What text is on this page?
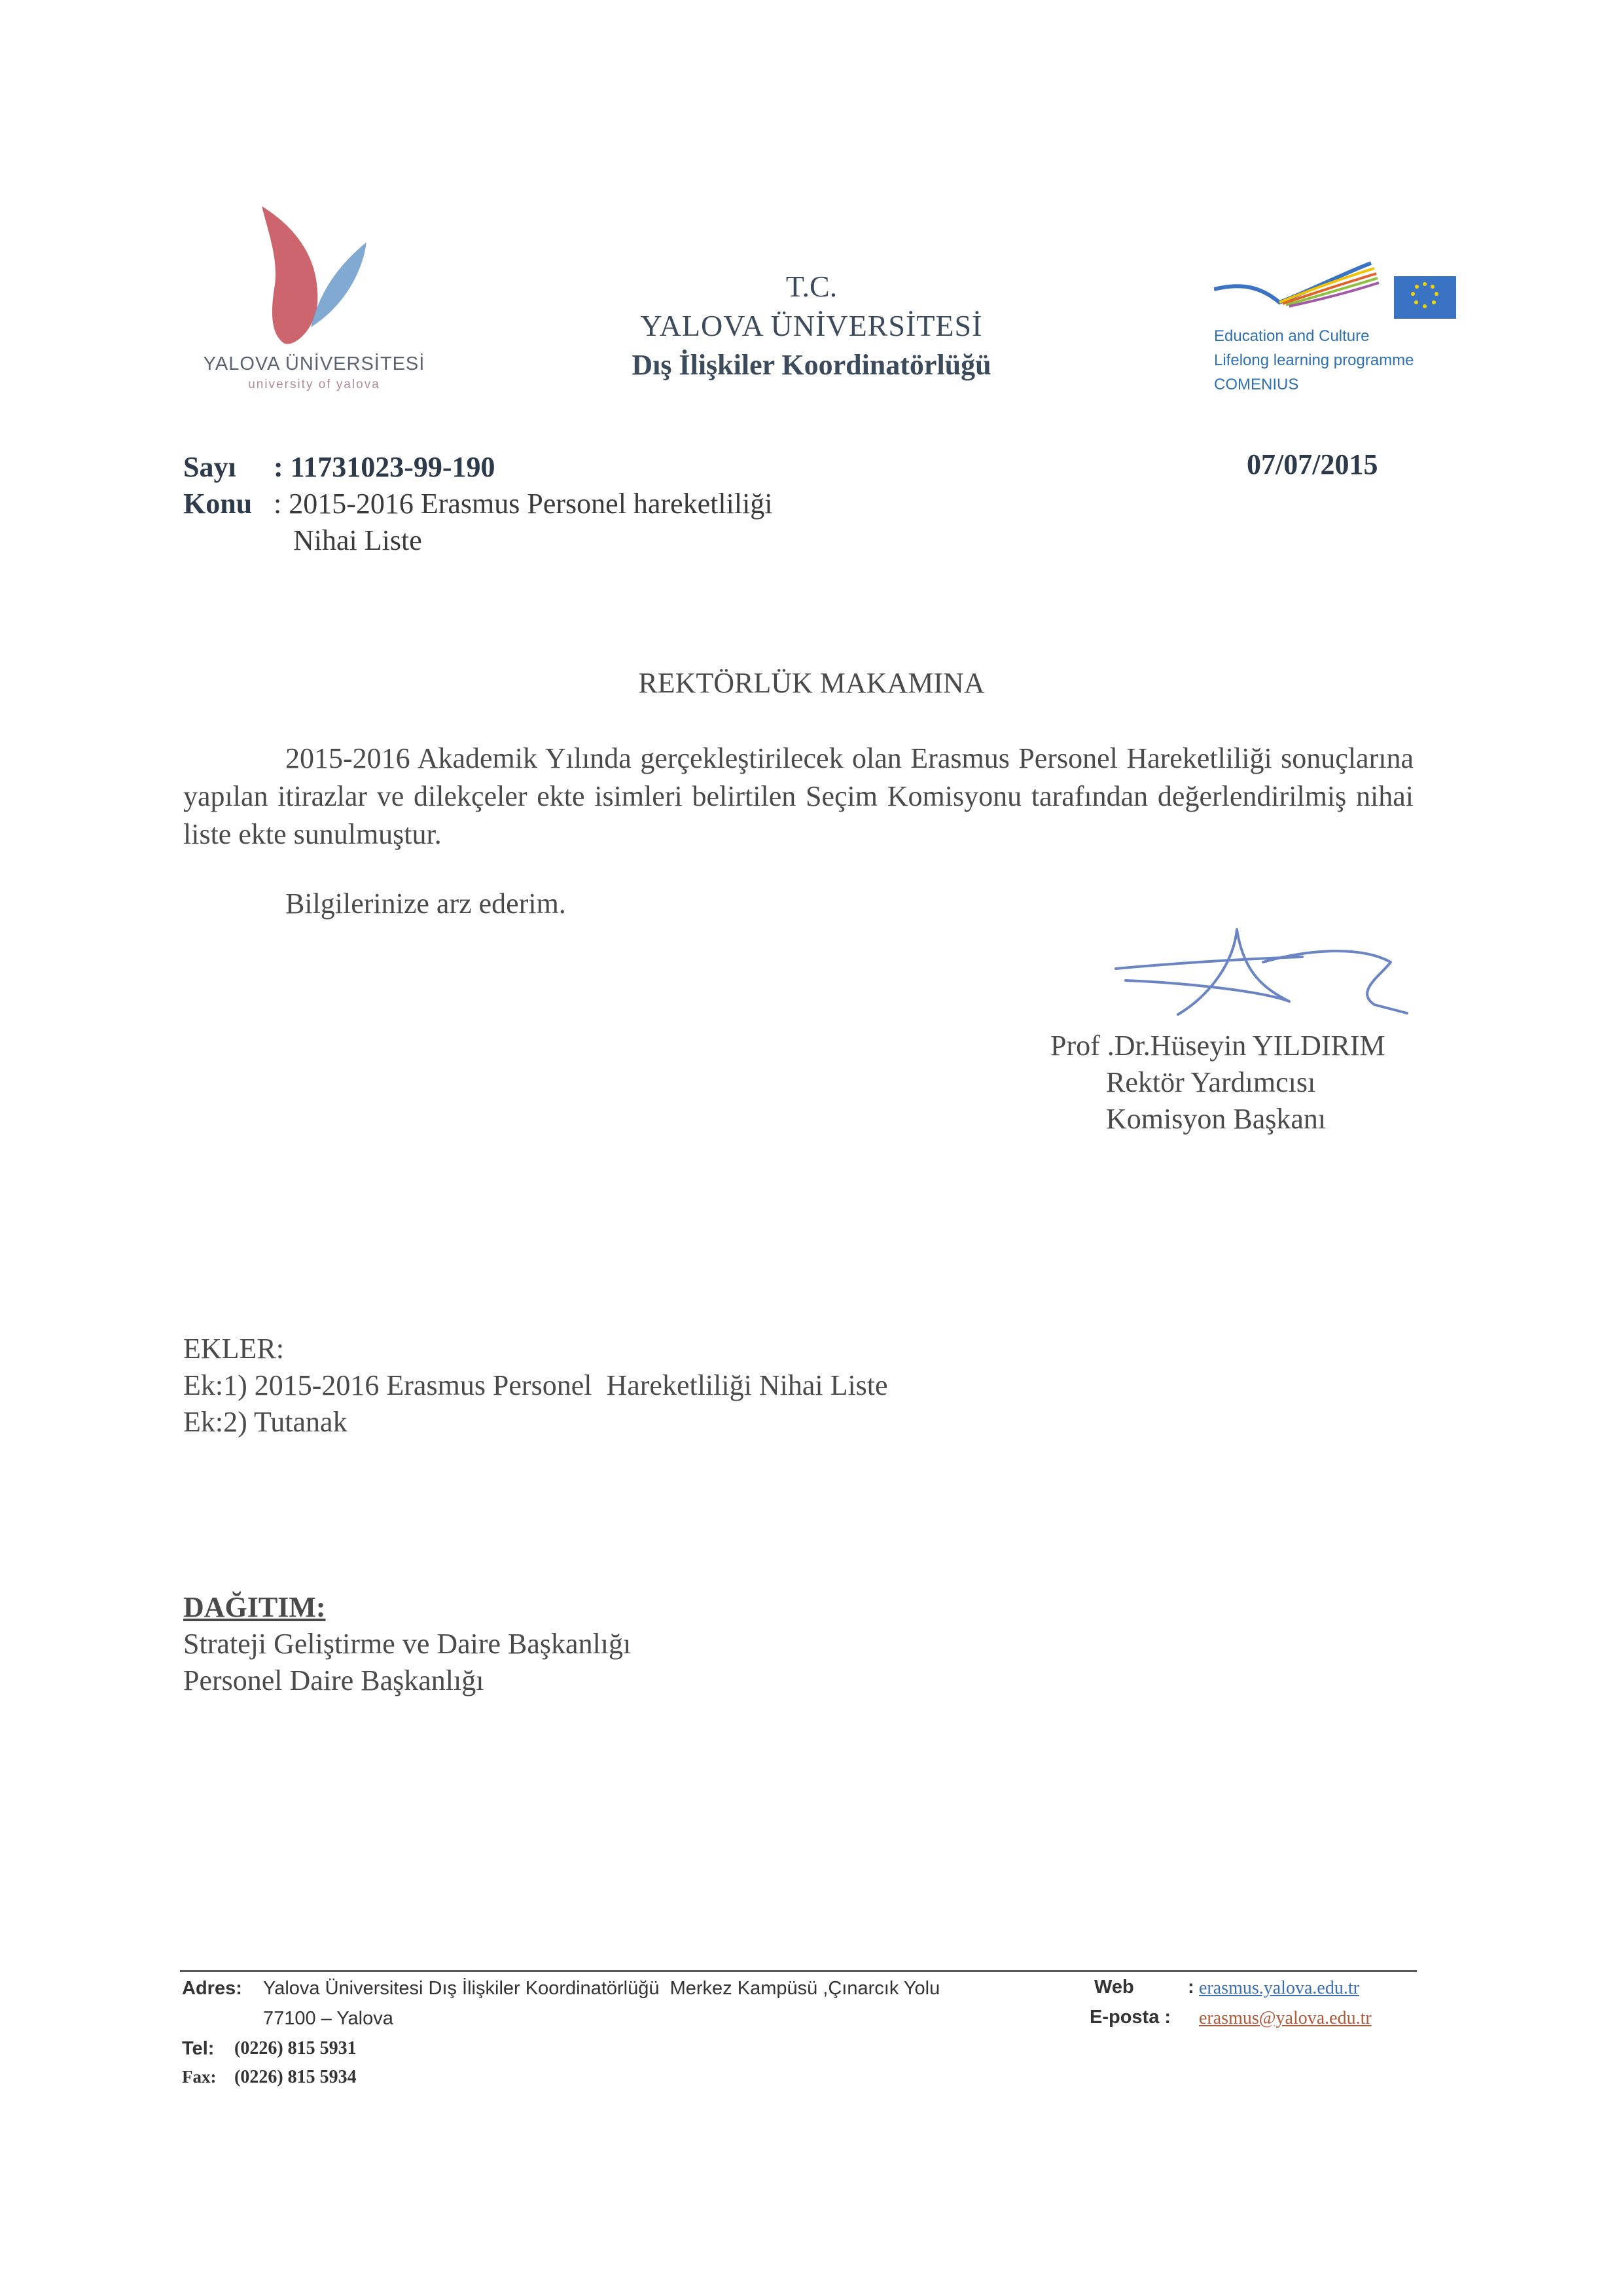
YALOVA ÜNİVERSİTESİ
university of yalova
T.C.
YALOVA ÜNİVERSİTESİ
Dış İlişkiler Koordinatörlüğü
Education and Culture
Lifelong learning programme
COMENIUS
Sayı : 11731023-99-190	07/07/2015
Konu : 2015-2016 Erasmus Personel hareketliliği
Nihai Liste
REKTÖRLÜK MAKAMINA
2015-2016 Akademik Yılında gerçekleştirilecek olan Erasmus Personel Hareketliliği sonuçlarına yapılan itirazlar ve dilekçeler ekte isimleri belirtilen Seçim Komisyonu tarafından değerlendirilmiş nihai liste ekte sunulmuştur.
Bilgilerinize arz ederim.
Prof .Dr.Hüseyin YILDIRIM
Rektör Yardımcısı
Komisyon Başkanı
EKLER:
Ek:1) 2015-2016 Erasmus Personel  Hareketliliği Nihai Liste
Ek:2) Tutanak
DAĞITIM:
Strateji Geliştirme ve Daire Başkanlığı
Personel Daire Başkanlığı
Adres: Yalova Üniversitesi Dış İlişkiler Koordinatörlüğü  Merkez Kampüsü ,Çınarcık Yolu
77100 – Yalova
Tel: (0226) 815 5931
Fax: (0226) 815 5934
Web	: erasmus.yalova.edu.tr
E-posta : erasmus@yalova.edu.tr
